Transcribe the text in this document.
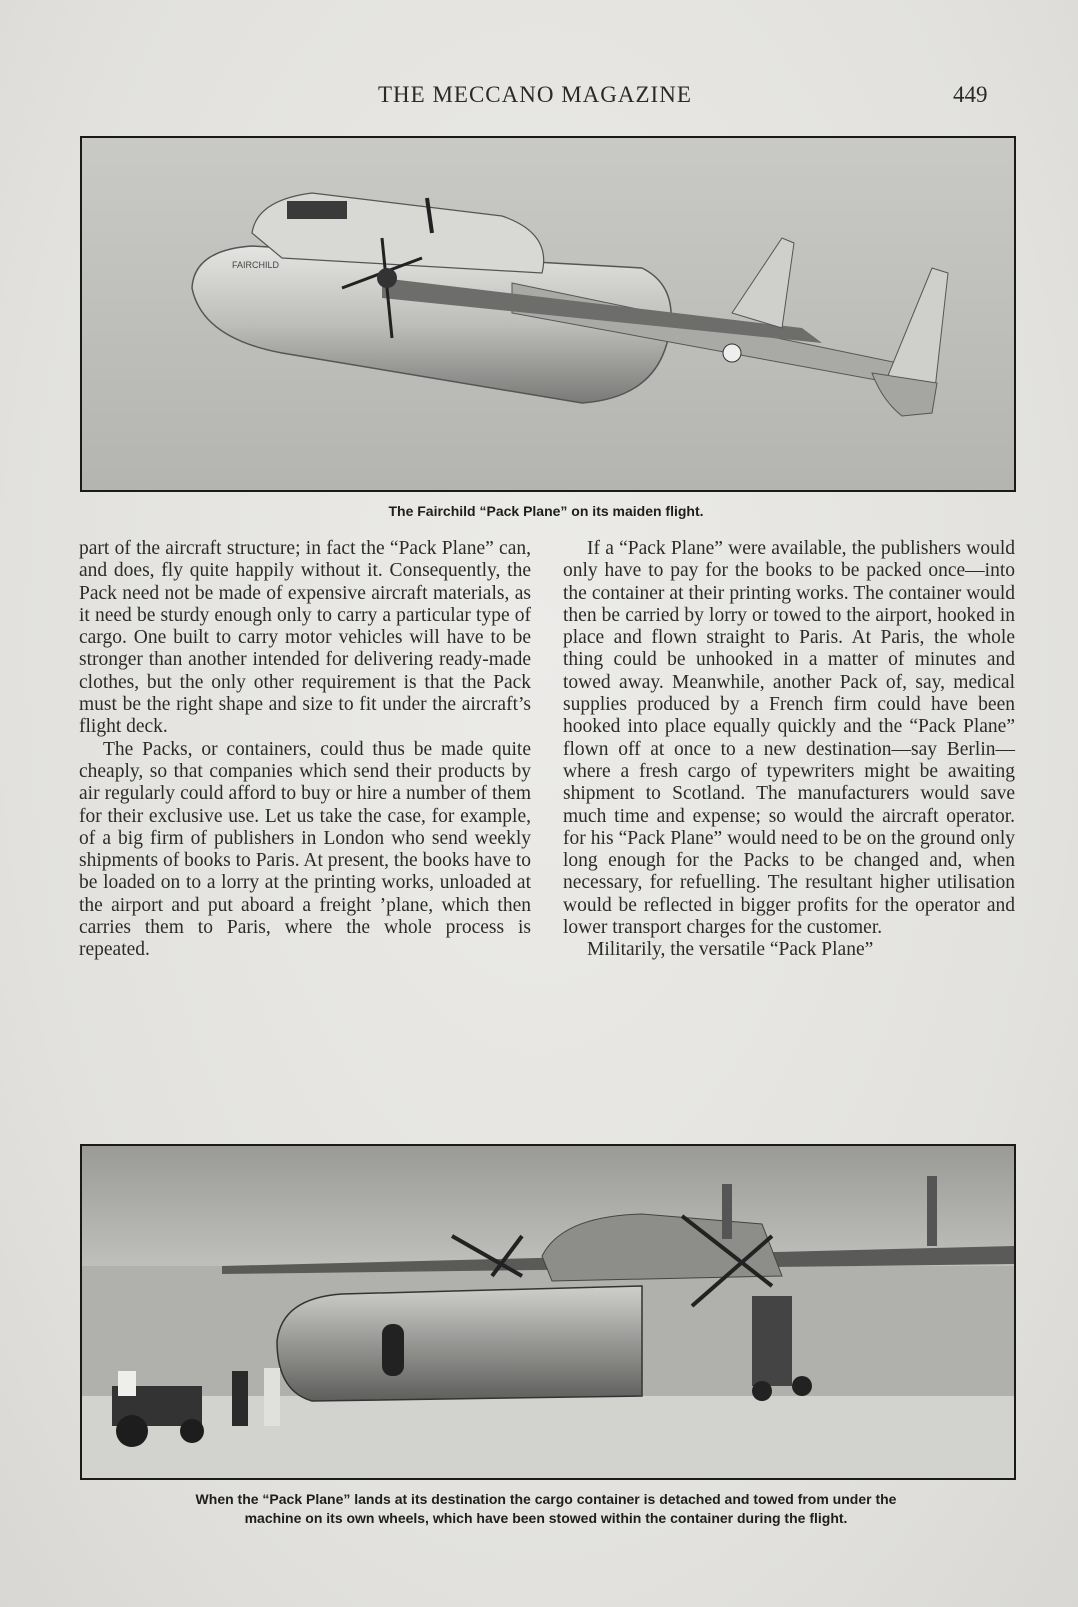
THE MECCANO MAGAZINE	449
FAIRCHILD
The Fairchild “Pack Plane” on its maiden flight.

part of the aircraft structure; in fact the “Pack Plane” can, and does, fly quite happily without it. Consequently, the Pack need not be made of expensive aircraft materials, as it need be sturdy enough only to carry a particular type of cargo. One built to carry motor vehicles will have to be stronger than another intended for delivering ready-made clothes, but the only other requirement is that the Pack must be the right shape and size to fit under the aircraft’s flight deck.

The Packs, or containers, could thus be made quite cheaply, so that companies which send their products by air regularly could afford to buy or hire a number of them for their exclusive use. Let us take the case, for example, of a big firm of publishers in London who send weekly shipments of books to Paris. At present, the books have to be loaded on to a lorry at the printing works, unloaded at the airport and put aboard a freight ’plane, which then carries them to Paris, where the whole process is repeated.

If a “Pack Plane” were available, the publishers would only have to pay for the books to be packed once—into the container at their printing works. The container would then be carried by lorry or towed to the airport, hooked in place and flown straight to Paris. At Paris, the whole thing could be unhooked in a matter of minutes and towed away. Meanwhile, another Pack of, say, medical supplies produced by a French firm could have been hooked into place equally quickly and the “Pack Plane” flown off at once to a new destination—say Berlin—where a fresh cargo of typewriters might be awaiting shipment to Scotland. The manufacturers would save much time and expense; so would the aircraft operator. for his “Pack Plane” would need to be on the ground only long enough for the Packs to be changed and, when necessary, for refuelling. The resultant higher utilisation would be reflected in bigger profits for the operator and lower transport charges for the customer.

Militarily, the versatile “Pack Plane”

When the “Pack Plane” lands at its destination the cargo container is detached and towed from under the
machine on its own wheels, which have been stowed within the container during the flight.
